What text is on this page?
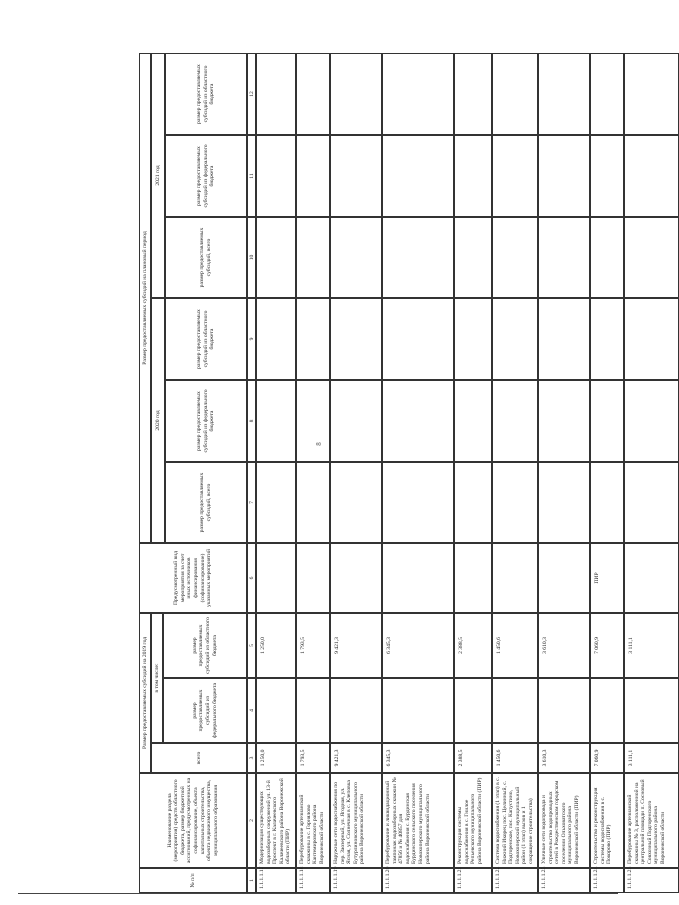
8
№ п/п
Наименование раздела (мероприятия) средств областного бюджета, размер бюджетной ассигнований, предусмотренных на софинансирование, объекта капитальных строительства, объекта недвижимого имущества, муниципального образования
Размер предоставляемых субсидий на 2019 год
всего
в том числе:
размер предоставляемых субсидий из федерального бюджета
размер предоставляемых субсидий из областного бюджета
Предусмотренный вид мероприятия за счет иных источников финансирования (софинансирование) указанных мероприятий
Размер предоставляемых субсидий на плановый период
2020 год
2021 год
размер предоставляемых субсидий, всего
размер предоставляемых субсидий из федерального бюджета
размер предоставляемых субсидий из областного бюджета
размер предоставляемых субсидий, всего
размер предоставляемых субсидий из федерального бюджета
размер предоставляемых субсидий из областного бюджета
1
2
3
4
5
6
7
8
9
10
11
12
1.1.1.1.17
Модернизация существующих водозаборных сооружений ул. 13-й Проспект в г. Калачеевского Калачеевского района Воронежской области (ПИР)
1 250,0
1 250,0
1.1.1.1.18
Перебурование артезианской скважины в с. Горнялово Кантемировского района Воронежской области
1 793,5
1 793,5
1.1.1.1.19
Наружные сети водоснабжения по пер. Заозерный, ул. Ягодная, ул. Ясная, ул. Солнечная в с. Клеповка Бутурлиновского муниципального района Воронежской области
9 421,3
9 421,3
1.1.1.1.20
Перебурование и ликвидационный тампонаж водозаборных скважин № 47856 и № 40857 для водоснабжения с. Бурдинская Бурдинского сельского поселения Новохоперского муниципального района Воронежской области
6 345,3
6 345,3
1.1.1.1.21
Реконструкция системы водоснабжения в с. Гнилое Репьевского муниципального района Воронежской области (ПИР)
2 388,5
2 388,5
1.1.1.1.22
Система водоснабжения (1 этап) в с. Нижний Икорец пос. Целинный, с. Подгоренское, пос. Капустино, Новохоперский муниципальный район (1 этап) вызов и 1 сокращение строительства)
1 450,6
1 450,6
1.1.1.1.23
Уличные сети водопровода и строительство водопроводных сетей в Рождественском городском поселении Ольховатского муниципального района Воронежской области (ПИР)
3 610,3
3 610,3
1.1.1.1.24
Строительство и реконструкция системы водоснабжения в с. Покорово (ПИР)
7 060,9
7 060,9
ПИР
1.1.1.1.25
Перебурование артезианской скважины № 3, расположенной на центральной площади п. Сосновый Совхозный Подгоренского муниципального района Воронежской области
3 111,1
3 111,1
